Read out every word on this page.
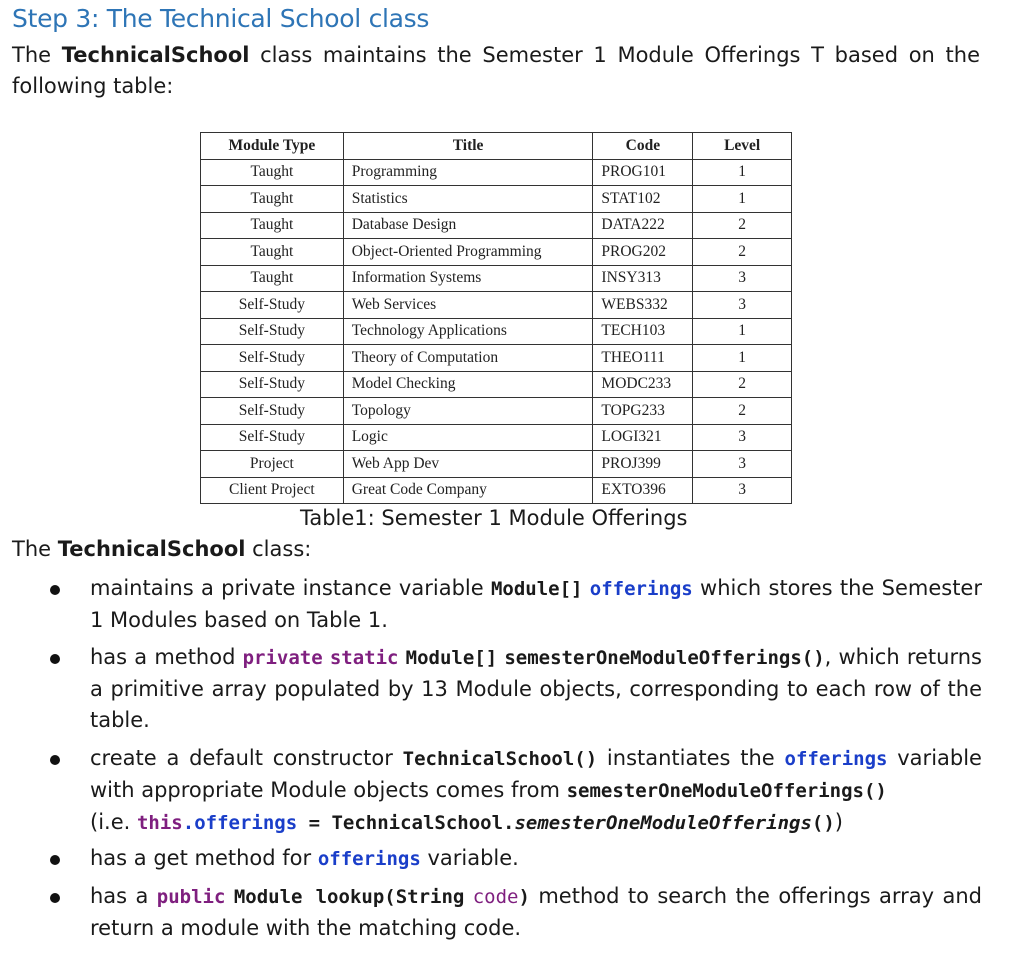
Step 3: The Technical School class
The TechnicalSchool class maintains the Semester 1 Module Offerings T based on the following table:
Module Type	Title	Code	Level
Taught	Programming	PROG101	1
Taught	Statistics	STAT102	1
Taught	Database Design	DATA222	2
Taught	Object-Oriented Programming	PROG202	2
Taught	Information Systems	INSY313	3
Self-Study	Web Services	WEBS332	3
Self-Study	Technology Applications	TECH103	1
Self-Study	Theory of Computation	THEO111	1
Self-Study	Model Checking	MODC233	2
Self-Study	Topology	TOPG233	2
Self-Study	Logic	LOGI321	3
Project	Web App Dev	PROJ399	3
Client Project	Great Code Company	EXTO396	3
Table1: Semester 1 Module Offerings
The TechnicalSchool class:
maintains a private instance variable Module[] offerings which stores the Semester 1 Modules based on Table 1.
has a method private static Module[] semesterOneModuleOfferings(), which returns a primitive array populated by 13 Module objects, corresponding to each row of the table.
create a default constructor TechnicalSchool() instantiates the offerings variable with appropriate Module objects comes from semesterOneModuleOfferings()
(i.e. this.offerings = TechnicalSchool.semesterOneModuleOfferings())
has a get method for offerings variable.
has a public Module lookup(String code) method to search the offerings array and return a module with the matching code.
